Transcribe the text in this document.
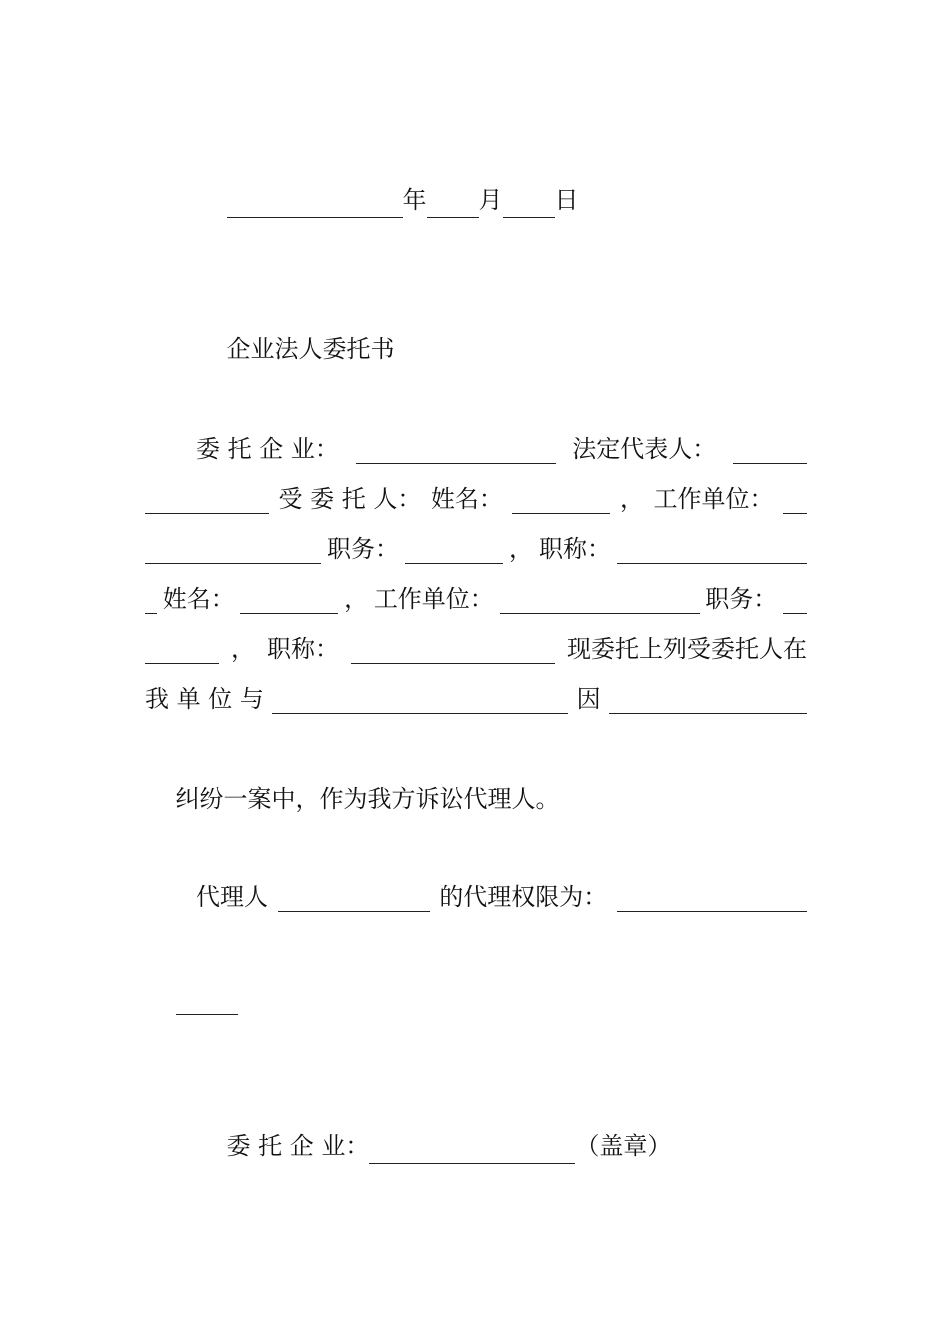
年 月 日

企业法人委托书

委 托 企 业：	法定代表人：
受 委 托 人： 姓名：	， 工作单位：
职务：	， 职称：
姓名：	， 工作单位：	职务：
， 职称：	现委托上列受委托人在
我 单 位 与	因

纠纷一案中，作为我方诉讼代理人。

代理人	的代理权限为：

委 托 企 业：	（盖章）
